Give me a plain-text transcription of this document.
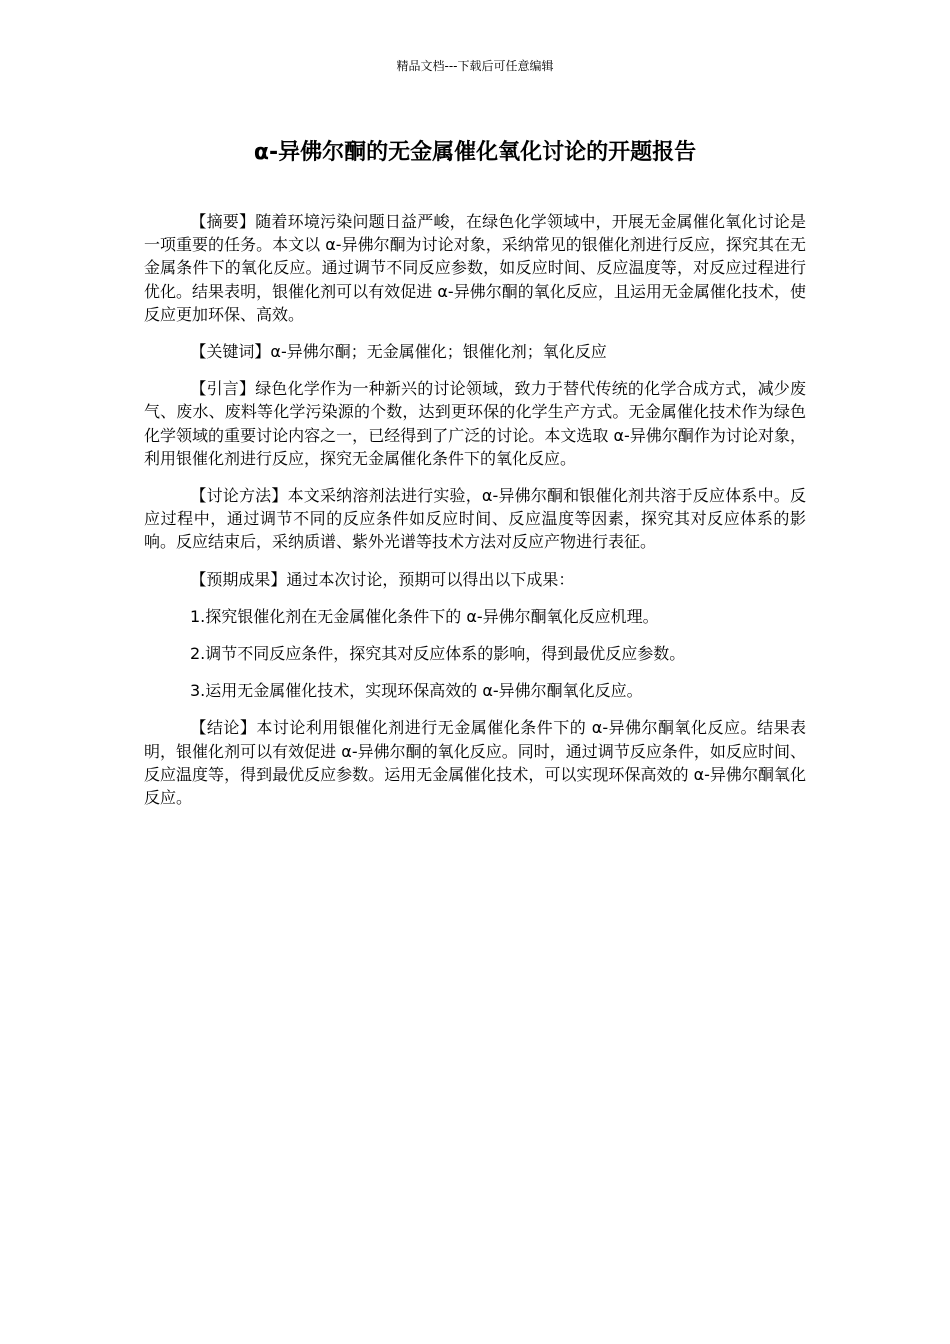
精品文档---下载后可任意编辑
α-异佛尔酮的无金属催化氧化讨论的开题报告

【摘要】随着环境污染问题日益严峻，在绿色化学领域中，开展无金属催化氧化讨论是一项重要的任务。本文以 α-异佛尔酮为讨论对象，采纳常见的银催化剂进行反应，探究其在无金属条件下的氧化反应。通过调节不同反应参数，如反应时间、反应温度等，对反应过程进行优化。结果表明，银催化剂可以有效促进 α-异佛尔酮的氧化反应，且运用无金属催化技术，使反应更加环保、高效。

【关键词】α-异佛尔酮；无金属催化；银催化剂；氧化反应

【引言】绿色化学作为一种新兴的讨论领域，致力于替代传统的化学合成方式，减少废气、废水、废料等化学污染源的个数，达到更环保的化学生产方式。无金属催化技术作为绿色化学领域的重要讨论内容之一，已经得到了广泛的讨论。本文选取 α-异佛尔酮作为讨论对象，利用银催化剂进行反应，探究无金属催化条件下的氧化反应。

【讨论方法】本文采纳溶剂法进行实验，α-异佛尔酮和银催化剂共溶于反应体系中。反应过程中，通过调节不同的反应条件如反应时间、反应温度等因素，探究其对反应体系的影响。反应结束后，采纳质谱、紫外光谱等技术方法对反应产物进行表征。

【预期成果】通过本次讨论，预期可以得出以下成果：

1.探究银催化剂在无金属催化条件下的 α-异佛尔酮氧化反应机理。

2.调节不同反应条件，探究其对反应体系的影响，得到最优反应参数。

3.运用无金属催化技术，实现环保高效的 α-异佛尔酮氧化反应。

【结论】本讨论利用银催化剂进行无金属催化条件下的 α-异佛尔酮氧化反应。结果表明，银催化剂可以有效促进 α-异佛尔酮的氧化反应。同时，通过调节反应条件，如反应时间、反应温度等，得到最优反应参数。运用无金属催化技术，可以实现环保高效的 α-异佛尔酮氧化反应。
